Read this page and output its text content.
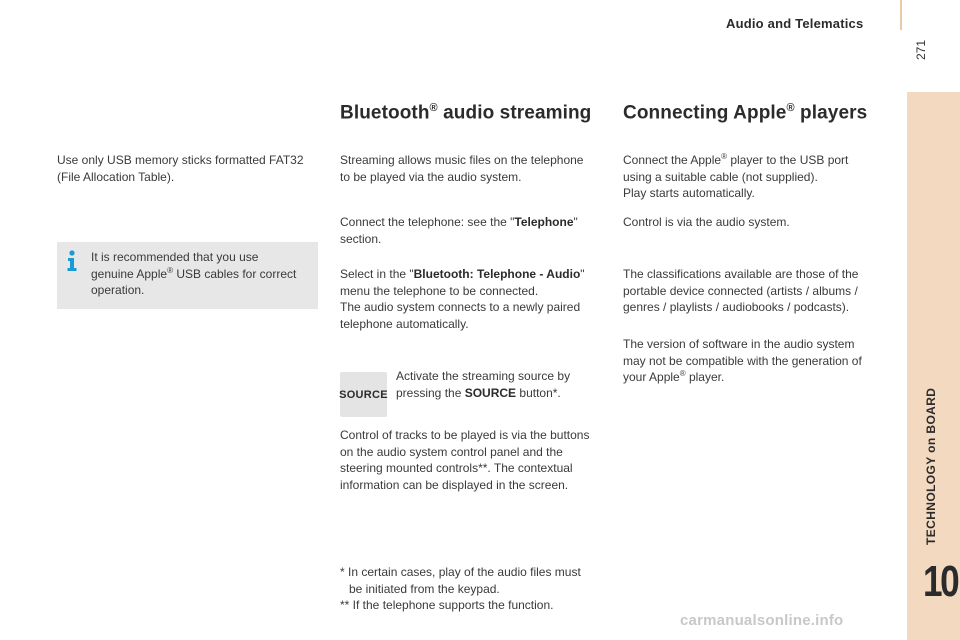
Audio and Telematics
271
TECHNOLOGY on BOARD
10
Use only USB memory sticks formatted FAT32
(File Allocation Table).
It is recommended that you use
genuine Apple® USB cables for correct
operation.
Bluetooth® audio streaming
Streaming allows music files on the telephone
to be played via the audio system.
Connect the telephone: see the "Telephone"
section.
Select in the "Bluetooth: Telephone - Audio"
menu the telephone to be connected.
The audio system connects to a newly paired
telephone automatically.
SOURCE
Activate the streaming source by
pressing the SOURCE button*.
Control of tracks to be played is via the buttons
on the audio system control panel and the
steering mounted controls**. The contextual
information can be displayed in the screen.
* In certain cases, play of the audio files must
be initiated from the keypad.
** If the telephone supports the function.
Connecting Apple® players
Connect the Apple® player to the USB port
using a suitable cable (not supplied).
Play starts automatically.
Control is via the audio system.
The classifications available are those of the
portable device connected (artists / albums /
genres / playlists / audiobooks / podcasts).
The version of software in the audio system
may not be compatible with the generation of
your Apple® player.
carmanualsonline.info
